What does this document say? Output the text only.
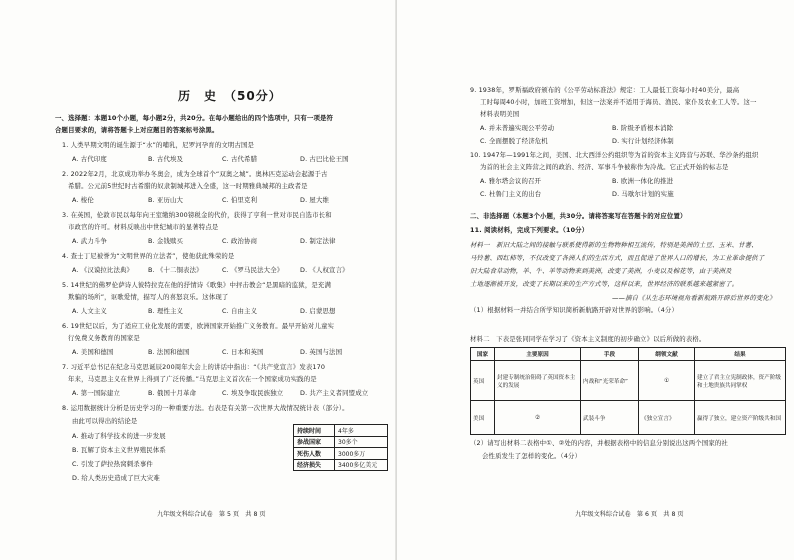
历　史　（50分）
一、选择题：本题10个小题，每小题2分，共20分。在每小题给出的四个选项中，只有一项是符
合题目要求的，请将答题卡上对应题目的答案标号涂黑。
1. 人类早期文明的诞生源于“水”的哺乳，尼罗河孕育的文明古国是
A. 古代印度	B. 古代埃及	C. 古代希腊	D. 古巴比伦王国
2. 2022年2月，北京成功举办冬奥会，成为全球首个“双奥之城”。奥林匹克运动会起源于古
希腊。公元前5世纪时古希腊的奴隶制城邦进入全盛，这一时期雅典城邦的主政者是
A. 梭伦	B. 亚历山大	C. 伯里克利	D. 屋大维
3. 在英国，伦敦市民以每年向王室缴纳300镑税金的代价，获得了亨利一世对市民自选市长和
市政官的许可。材料反映出中世纪城市的显著特点是
A. 武力斗争	B. 金钱赎买	C. 政治协商	D. 制定法律
4. 查士丁尼被誉为“文明世界的立法者”，使他获此殊荣的是
A. 《汉谟拉比法典》 B. 《十二铜表法》	C. 《罗马民法大全》	D. 《人权宣言》
5. 14世纪的佛罗伦萨诗人彼特拉克在他的抒情诗《歌集》中抨击教会“是黑暗的监狱，是充满
欺骗的场所”，讴歌爱情，描写人的喜怒哀乐。这体现了
A. 人文主义	B. 理性主义	C. 自由主义	D. 启蒙思想
6. 19世纪以后，为了适应工业化发展的需要，欧洲国家开始推广义务教育。最早开始对儿童实
行免费义务教育的国家是
A. 美国和德国	B. 法国和德国	C. 日本和英国	D. 英国与法国
7. 习近平总书记在纪念马克思诞辰200周年大会上的讲话中指出：“《共产党宣言》发表170
年来，马克思主义在世界上得到了广泛传播。”马克思主义首次在一个国家成功实践的是
A. 第一国际建立	B. 俄国十月革命	C. 埃及争取民族独立	D. 共产主义者同盟成立
8. 运用数据统计分析是历史学习的一种重要方法。右表是有关第一次世界大战情况统计表（部分）。
由此可以得出的结论是
A. 推动了科学技术的进一步发展
B. 瓦解了资本主义世界殖民体系
C. 引发了萨拉热窝刺杀事件
D. 给人类历史造成了巨大灾难
持续时间	4年多
参战国家	30多个
死伤人数	3000多万
经济损失	3400多亿美元
九年级文科综合试卷　第 5 页　共 8 页
9. 1938年，罗斯福政府颁布的《公平劳动标准法》规定：工人最低工资每小时40美分，最高
工时每周40小时，加班工资增加，但这一法案并不适用于海员、渔民、家仆及农业工人等。这一
材料表明美国
A. 并未普遍实现公平劳动	B. 阶级矛盾根本消除
C. 全面摆脱了经济危机	D. 实行计划经济体制
10. 1947年—1991年之间，美国、北大西洋公约组织等为首的资本主义阵营与苏联、华沙条约组织
为首的社会主义阵营之间的政治、经济、军事斗争被称作为冷战。它正式开始的标志是
A. 雅尔塔会议的召开	B. 欧洲一体化的推进
C. 杜鲁门主义的出台	D. 马歇尔计划的实施
二、非选择题（本题3个小题，共30分。请将答案写在答题卡的对应位置）
11. 阅读材料，完成下列要求。（10分）
材料一　新旧大陆之间的接触与联系使得新的生物物种相互流传，特别是美洲的土豆、玉米、甘薯、
马铃薯、西红柿等，不仅改变了各洲人们的生活方式，而且促进了世界人口的增长，为工业革命提供了
旧大陆食草动物，羊、牛、羊等动物来到美洲，改变了美洲，小麦以及棉花等，由于美洲及
土地逐渐被开发，改变了长期以来的生产方式等，这样以来，世界经济的联系越来越紧密了。
——摘自《从生态环境视角看新航路开辟后世界的变化》
（1）根据材料一并结合所学知识简析新航路开辟对世界的影响。（4分）
材料二　下表是张同同学在学习了《资本主义制度的初步确立》以后所做的表格。
国家	主要原因	手段	纲领文献	结果
英国	封建专制统治阻碍了英国资本主义的发展	内战和“光荣革命”	①	建立了君主立宪制政体，资产阶级和土地贵族共同掌权
美国	②	武装斗争	《独立宣言》	赢得了独立，建立资产阶级共和国
（2）请写出材料二表格中①、②处的内容，并根据表格中的信息分别说出这两个国家的社
会性质发生了怎样的变化。（4分）
九年级文科综合试卷　第 6 页　共 8 页
